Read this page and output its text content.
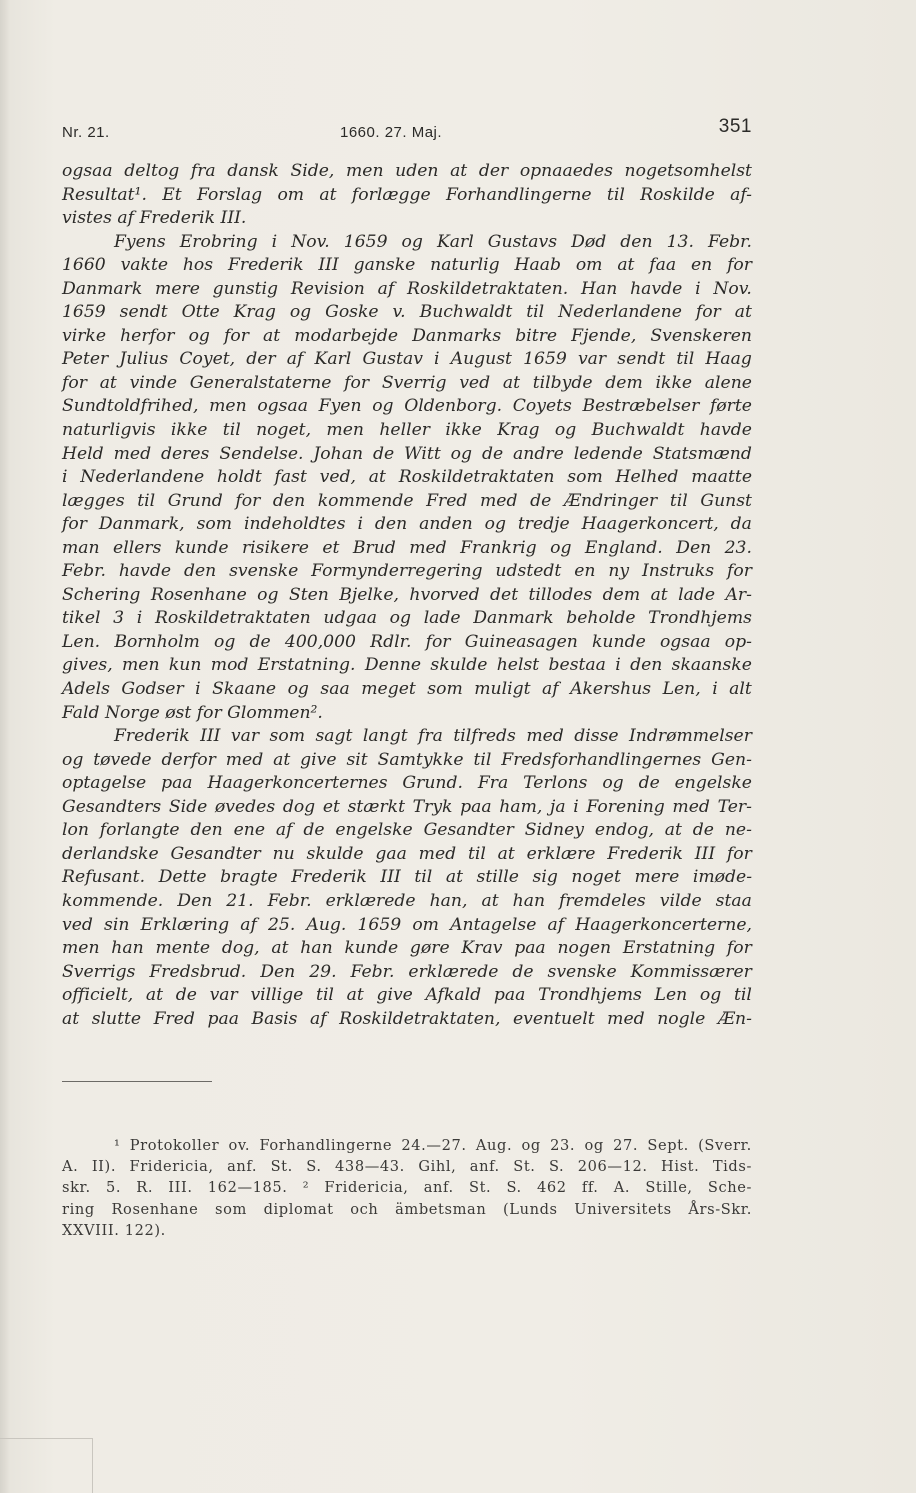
Nr. 21.	1660. 27. Maj.	351
ogsaa deltog fra dansk Side, men uden at der opnaaedes nogetsomhelst
Resultat¹. Et Forslag om at forlægge Forhandlingerne til Roskilde af-
vistes af Frederik III.
Fyens Erobring i Nov. 1659 og Karl Gustavs Død den 13. Febr.
1660 vakte hos Frederik III ganske naturlig Haab om at faa en for
Danmark mere gunstig Revision af Roskildetraktaten. Han havde i Nov.
1659 sendt Otte Krag og Goske v. Buchwaldt til Nederlandene for at
virke herfor og for at modarbejde Danmarks bitre Fjende, Svenskeren
Peter Julius Coyet, der af Karl Gustav i August 1659 var sendt til Haag
for at vinde Generalstaterne for Sverrig ved at tilbyde dem ikke alene
Sundtoldfrihed, men ogsaa Fyen og Oldenborg. Coyets Bestræbelser førte
naturligvis ikke til noget, men heller ikke Krag og Buchwaldt havde
Held med deres Sendelse. Johan de Witt og de andre ledende Statsmænd
i Nederlandene holdt fast ved, at Roskildetraktaten som Helhed maatte
lægges til Grund for den kommende Fred med de Ændringer til Gunst
for Danmark, som indeholdtes i den anden og tredje Haagerkoncert, da
man ellers kunde risikere et Brud med Frankrig og England. Den 23.
Febr. havde den svenske Formynderregering udstedt en ny Instruks for
Schering Rosenhane og Sten Bjelke, hvorved det tillodes dem at lade Ar-
tikel 3 i Roskildetraktaten udgaa og lade Danmark beholde Trondhjems
Len. Bornholm og de 400,000 Rdlr. for Guineasagen kunde ogsaa op-
gives, men kun mod Erstatning. Denne skulde helst bestaa i den skaanske
Adels Godser i Skaane og saa meget som muligt af Akershus Len, i alt
Fald Norge øst for Glommen².
Frederik III var som sagt langt fra tilfreds med disse Indrømmelser
og tøvede derfor med at give sit Samtykke til Fredsforhandlingernes Gen-
optagelse paa Haagerkoncerternes Grund. Fra Terlons og de engelske
Gesandters Side øvedes dog et stærkt Tryk paa ham, ja i Forening med Ter-
lon forlangte den ene af de engelske Gesandter Sidney endog, at de ne-
derlandske Gesandter nu skulde gaa med til at erklære Frederik III for
Refusant. Dette bragte Frederik III til at stille sig noget mere imøde-
kommende. Den 21. Febr. erklærede han, at han fremdeles vilde staa
ved sin Erklæring af 25. Aug. 1659 om Antagelse af Haagerkoncerterne,
men han mente dog, at han kunde gøre Krav paa nogen Erstatning for
Sverrigs Fredsbrud. Den 29. Febr. erklærede de svenske Kommissærer
officielt, at de var villige til at give Afkald paa Trondhjems Len og til
at slutte Fred paa Basis af Roskildetraktaten, eventuelt med nogle Æn-
¹ Protokoller ov. Forhandlingerne 24.—27. Aug. og 23. og 27. Sept. (Sverr.
A. II). Fridericia, anf. St. S. 438—43. Gihl, anf. St. S. 206—12. Hist. Tids-
skr. 5. R. III. 162—185. ² Fridericia, anf. St. S. 462 ff. A. Stille, Sche-
ring Rosenhane som diplomat och ämbetsman (Lunds Universitets Års-Skr.
XXVIII. 122).
